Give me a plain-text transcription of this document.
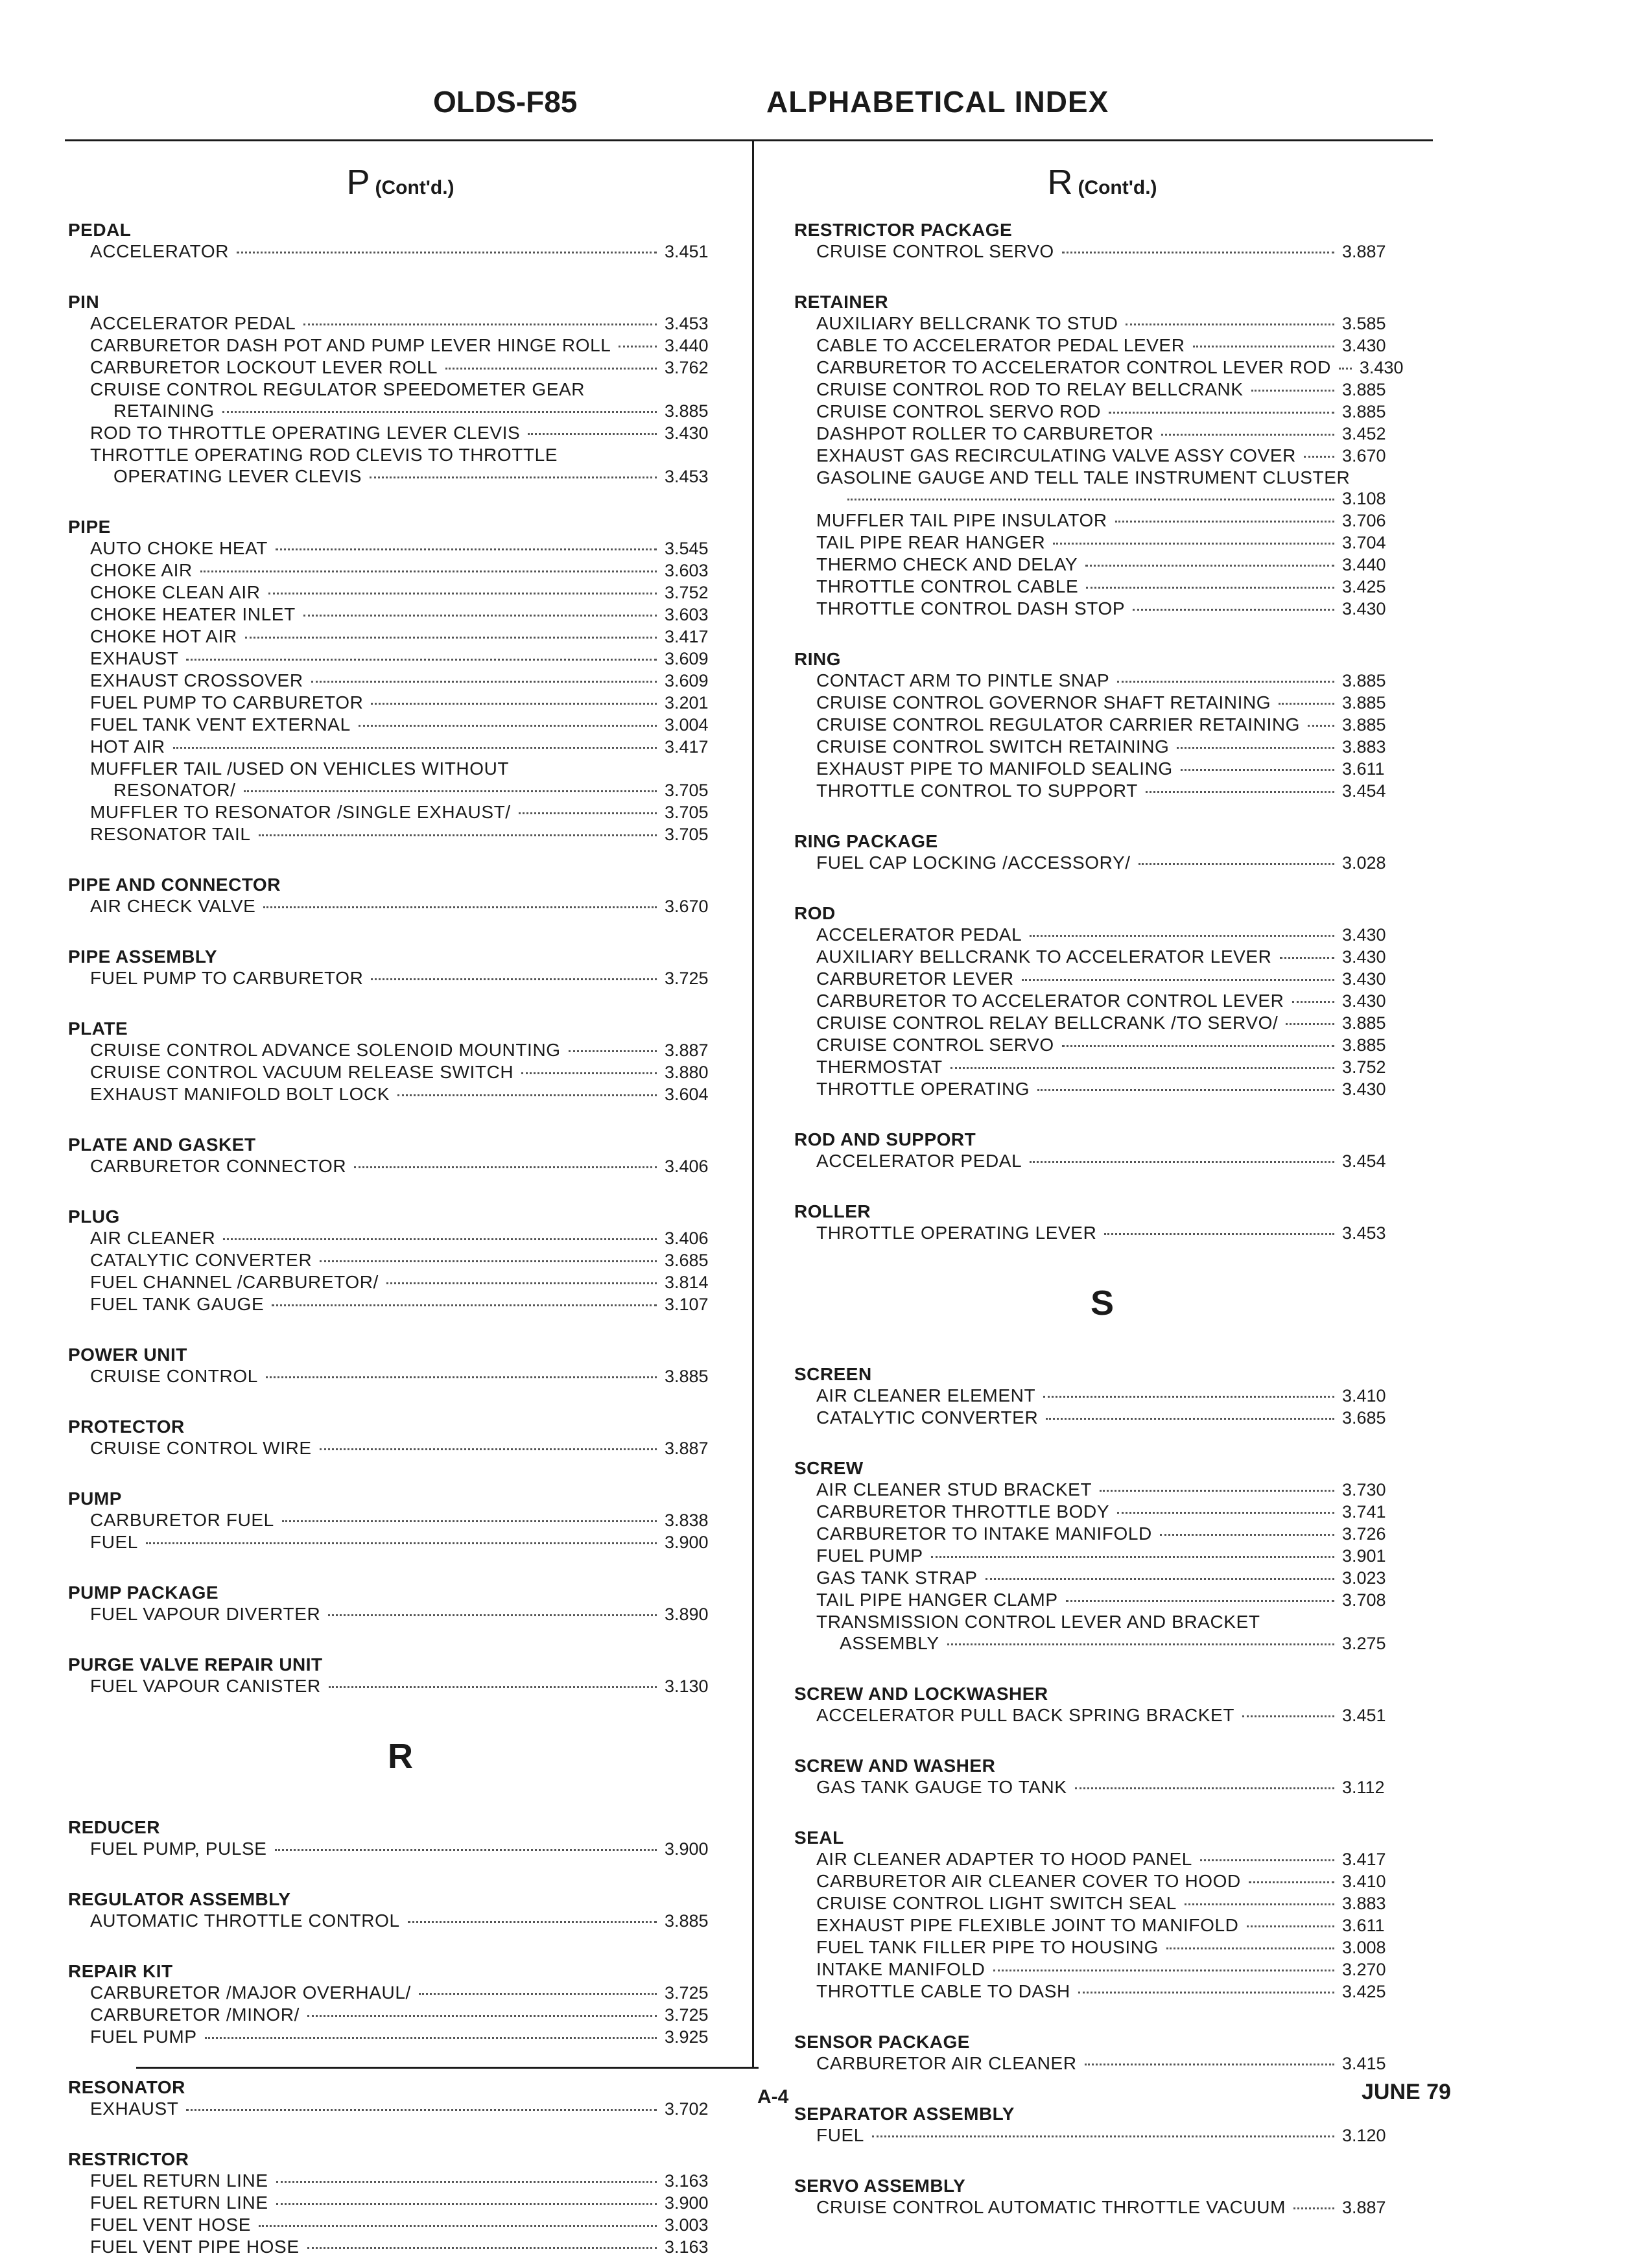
OLDS-F85	ALPHABETICAL INDEX
P (Cont'd.)
PEDAL
ACCELERATOR	3.451
PIN
ACCELERATOR PEDAL	3.453
CARBURETOR DASH POT AND PUMP LEVER HINGE ROLL	3.440
CARBURETOR LOCKOUT LEVER ROLL	3.762
CRUISE CONTROL REGULATOR SPEEDOMETER GEAR
RETAINING	3.885
ROD TO THROTTLE OPERATING LEVER CLEVIS	3.430
THROTTLE OPERATING ROD CLEVIS TO THROTTLE
OPERATING LEVER CLEVIS	3.453
PIPE
AUTO CHOKE HEAT	3.545
CHOKE AIR	3.603
CHOKE CLEAN AIR	3.752
CHOKE HEATER INLET	3.603
CHOKE HOT AIR	3.417
EXHAUST	3.609
EXHAUST CROSSOVER	3.609
FUEL PUMP TO CARBURETOR	3.201
FUEL TANK VENT EXTERNAL	3.004
HOT AIR	3.417
MUFFLER TAIL /USED ON VEHICLES WITHOUT
RESONATOR/	3.705
MUFFLER TO RESONATOR /SINGLE EXHAUST/	3.705
RESONATOR TAIL	3.705
PIPE AND CONNECTOR
AIR CHECK VALVE	3.670
PIPE ASSEMBLY
FUEL PUMP TO CARBURETOR	3.725
PLATE
CRUISE CONTROL ADVANCE SOLENOID MOUNTING	3.887
CRUISE CONTROL VACUUM RELEASE SWITCH	3.880
EXHAUST MANIFOLD BOLT LOCK	3.604
PLATE AND GASKET
CARBURETOR CONNECTOR	3.406
PLUG
AIR CLEANER	3.406
CATALYTIC CONVERTER	3.685
FUEL CHANNEL /CARBURETOR/	3.814
FUEL TANK GAUGE	3.107
POWER UNIT
CRUISE CONTROL	3.885
PROTECTOR
CRUISE CONTROL WIRE	3.887
PUMP
CARBURETOR FUEL	3.838
FUEL	3.900
PUMP PACKAGE
FUEL VAPOUR DIVERTER	3.890
PURGE VALVE REPAIR UNIT
FUEL VAPOUR CANISTER	3.130
R
REDUCER
FUEL PUMP, PULSE	3.900
REGULATOR ASSEMBLY
AUTOMATIC THROTTLE CONTROL	3.885
REPAIR KIT
CARBURETOR /MAJOR OVERHAUL/	3.725
CARBURETOR /MINOR/	3.725
FUEL PUMP	3.925
RESONATOR
EXHAUST	3.702
RESTRICTOR
FUEL RETURN LINE	3.163
FUEL RETURN LINE	3.900
FUEL VENT HOSE	3.003
FUEL VENT PIPE HOSE	3.163
R (Cont'd.)
RESTRICTOR PACKAGE
CRUISE CONTROL SERVO	3.887
RETAINER
AUXILIARY BELLCRANK TO STUD	3.585
CABLE TO ACCELERATOR PEDAL LEVER	3.430
CARBURETOR TO ACCELERATOR CONTROL LEVER ROD 3.430
CRUISE CONTROL ROD TO RELAY BELLCRANK	3.885
CRUISE CONTROL SERVO ROD	3.885
DASHPOT ROLLER TO CARBURETOR	3.452
EXHAUST GAS RECIRCULATING VALVE ASSY COVER	3.670
GASOLINE GAUGE AND TELL TALE INSTRUMENT CLUSTER
3.108
MUFFLER TAIL PIPE INSULATOR	3.706
TAIL PIPE REAR HANGER	3.704
THERMO CHECK AND DELAY	3.440
THROTTLE CONTROL CABLE	3.425
THROTTLE CONTROL DASH STOP	3.430
RING
CONTACT ARM TO PINTLE SNAP	3.885
CRUISE CONTROL GOVERNOR SHAFT RETAINING	3.885
CRUISE CONTROL REGULATOR CARRIER RETAINING 3.885
CRUISE CONTROL SWITCH RETAINING	3.883
EXHAUST PIPE TO MANIFOLD SEALING	3.611
THROTTLE CONTROL TO SUPPORT	3.454
RING PACKAGE
FUEL CAP LOCKING /ACCESSORY/	3.028
ROD
ACCELERATOR PEDAL	3.430
AUXILIARY BELLCRANK TO ACCELERATOR LEVER	3.430
CARBURETOR LEVER	3.430
CARBURETOR TO ACCELERATOR CONTROL LEVER	3.430
CRUISE CONTROL RELAY BELLCRANK /TO SERVO/	3.885
CRUISE CONTROL SERVO	3.885
THERMOSTAT	3.752
THROTTLE OPERATING	3.430
ROD AND SUPPORT
ACCELERATOR PEDAL	3.454
ROLLER
THROTTLE OPERATING LEVER	3.453
S
SCREEN
AIR CLEANER ELEMENT	3.410
CATALYTIC CONVERTER	3.685
SCREW
AIR CLEANER STUD BRACKET	3.730
CARBURETOR THROTTLE BODY	3.741
CARBURETOR TO INTAKE MANIFOLD	3.726
FUEL PUMP	3.901
GAS TANK STRAP	3.023
TAIL PIPE HANGER CLAMP	3.708
TRANSMISSION CONTROL LEVER AND BRACKET
ASSEMBLY	3.275
SCREW AND LOCKWASHER
ACCELERATOR PULL BACK SPRING BRACKET	3.451
SCREW AND WASHER
GAS TANK GAUGE TO TANK	3.112
SEAL
AIR CLEANER ADAPTER TO HOOD PANEL	3.417
CARBURETOR AIR CLEANER COVER TO HOOD	3.410
CRUISE CONTROL LIGHT SWITCH SEAL	3.883
EXHAUST PIPE FLEXIBLE JOINT TO MANIFOLD	3.611
FUEL TANK FILLER PIPE TO HOUSING	3.008
INTAKE MANIFOLD	3.270
THROTTLE CABLE TO DASH	3.425
SENSOR PACKAGE
CARBURETOR AIR CLEANER	3.415
SEPARATOR ASSEMBLY
FUEL	3.120
SERVO ASSEMBLY
CRUISE CONTROL AUTOMATIC THROTTLE VACUUM	3.887
A-4	JUNE 79
